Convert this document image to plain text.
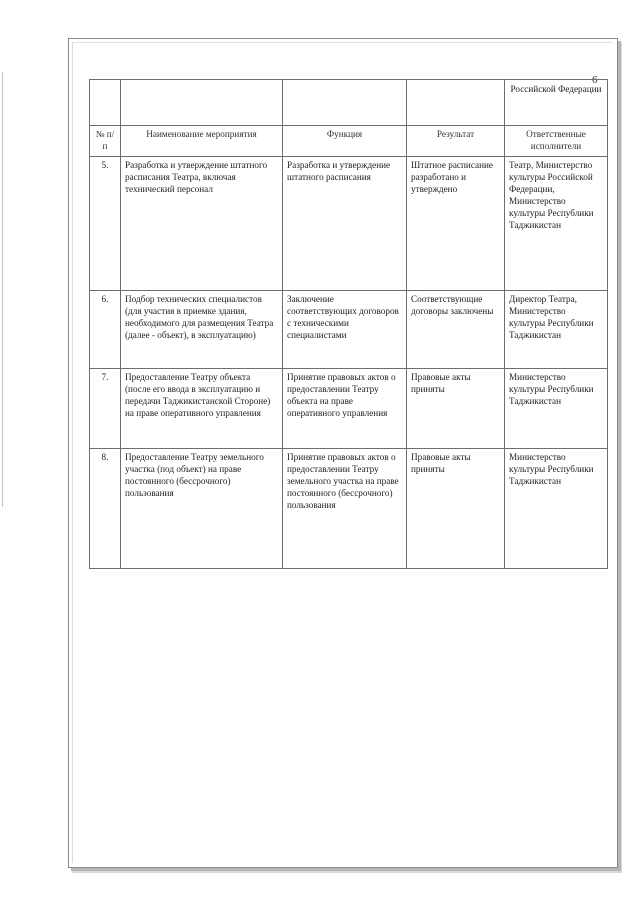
6
				Российской Федерации
№ п/п	Наименование мероприятия	Функция	Результат	Ответственные исполнители
5.	Разработка и утверждение штатного расписания Театра, включая технический персонал	Разработка и утверждение штатного расписания	Штатное расписание разработано и утверждено	Театр, Министерство культуры Российской Федерации, Министерство культуры Республики Таджикистан
6.	Подбор технических специалистов (для участия в приемке здания, необходимого для размещения Театра (далее - объект), в эксплуатацию)	Заключение соответствующих договоров с техническими специалистами	Соответствующие договоры заключены	Директор Театра, Министерство культуры Республики Таджикистан
7.	Предоставление Театру объекта (после его ввода в эксплуатацию и передачи Таджикистанской Стороне) на праве оперативного управления	Принятие правовых актов о предоставлении Театру объекта на праве оперативного управления	Правовые акты приняты	Министерство культуры Республики Таджикистан
8.	Предоставление Театру земельного участка (под объект) на праве постоянного (бессрочного) пользования	Принятие правовых актов о предоставлении Театру земельного участка на праве постоянного (бессрочного) пользования	Правовые акты приняты	Министерство культуры Республики Таджикистан
